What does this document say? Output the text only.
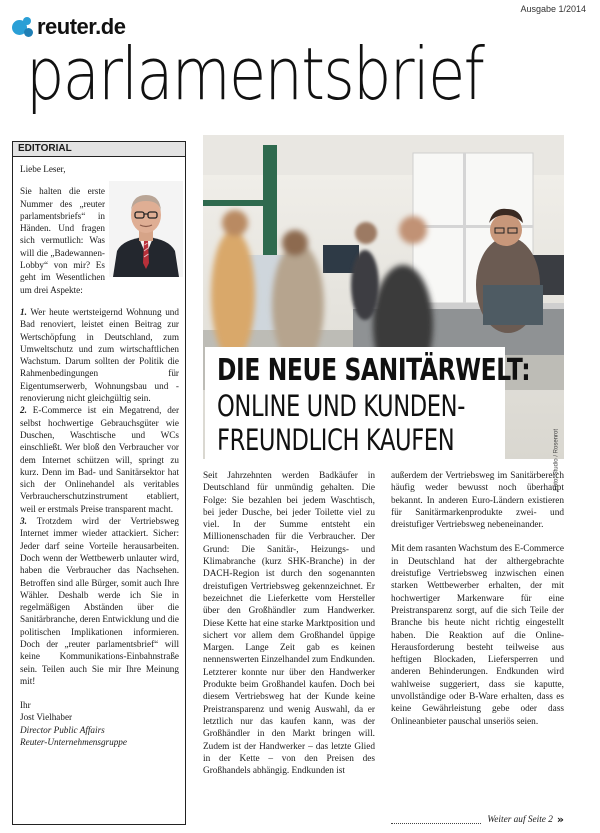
reuter.de
Ausgabe 1/2014
parlamentsbrief
EDITORIAL

Liebe Leser,

Sie halten die erste Nummer des „reuter parlamentsbriefs“ in Händen. Und fragen sich vermutlich: Was will die „Badewannen-Lobby“ von mir? Es geht im Wesentlichen um drei Aspekte:

1. Wer heute wertsteigernd Wohnung und Bad renoviert, leistet einen Beitrag zur Wertschöpfung in Deutschland, zum Umweltschutz und zum wirtschaftlichen Wachstum. Darum sollten der Politik die Rahmenbedingungen für Eigentumserwerb, Wohnungsbau und -renovierung nicht gleichgültig sein.

2. E-Commerce ist ein Megatrend, der selbst hochwertige Gebrauchsgüter wie Duschen, Waschtische und WCs einschließt. Wer bloß den Verbraucher vor dem Internet schützen will, springt zu kurz. Denn im Bad- und Sanitärsektor hat sich der Onlinehandel als veritables Verbraucherschutzinstrument etabliert, weil er erstmals Preise transparent macht.

3. Trotzdem wird der Vertriebsweg Internet immer wieder attackiert. Sicher: Jeder darf seine Vorteile herausarbeiten. Doch wenn der Wettbewerb unlauter wird, haben die Verbraucher das Nachsehen. Betroffen sind alle Bürger, somit auch Ihre Wähler. Deshalb werde ich Sie in regelmäßigen Abständen über die Sanitärbranche, deren Entwicklung und die politischen Implikationen informieren. Doch der „reuter parlamentsbrief“ will keine Kommunikations-Einbahnstraße sein. Teilen auch Sie mir Ihre Meinung mit!

Ihr

Jost Vielhaber

Director Public Affairs

Reuter-Unternehmensgruppe

Foto: Studio / Rosenrot
DIE NEUE SANITÄRWELT:
ONLINE UND KUNDEN-
FREUNDLICH KAUFEN

Seit Jahrzehnten werden Badkäufer in Deutschland für unmündig gehalten. Die Folge: Sie bezahlen bei jedem Waschtisch, bei jeder Dusche, bei jeder Toilette viel zu viel. In der Summe entsteht ein Millionenschaden für die Verbraucher. Der Grund: Die Sanitär-, Heizungs- und Klimabranche (kurz SHK-Branche) in der DACH-Region ist durch den sogenannten dreistufigen Vertriebsweg gekennzeichnet. Er bezeichnet die Lieferkette vom Hersteller über den Großhändler zum Handwerker. Diese Kette hat eine starke Marktposition und sichert vor allem dem Großhandel üppige Margen. Lange Zeit gab es keinen nennenswerten Einzelhandel zum Endkunden. Letzterer konnte nur über den Handwerker Produkte beim Großhandel kaufen. Doch bei diesem Vertriebsweg hat der Kunde keine Preistransparenz und wenig Auswahl, da er letztlich nur das kaufen kann, was der Großhändler in den Markt bringen will. Zudem ist der Handwerker – das letzte Glied in der Kette – von den Preisen des Großhandels abhängig. Endkunden ist

außerdem der Vertriebsweg im Sanitärbereich häufig weder bewusst noch überhaupt bekannt. In anderen Euro-Ländern existieren für Sanitärmarkenprodukte zwei- und dreistufiger Vertriebsweg nebeneinander.

Mit dem rasanten Wachstum des E-Commerce in Deutschland hat der althergebrachte dreistufige Vertriebsweg inzwischen einen starken Wettbewerber erhalten, der mit hochwertiger Markenware für eine Preistransparenz sorgt, auf die sich Teile der Branche bis heute nicht richtig eingestellt haben. Die Reaktion auf die Online-Herausforderung besteht teilweise aus heftigen Blockaden, Liefersperren und anderen Behinderungen. Endkunden wird wahlweise suggeriert, dass sie kaputte, unvollständige oder B-Ware erhalten, dass es keine Gewährleistung gebe oder dass Onlineanbieter pauschal unseriös seien.

Weiter auf Seite 2 »
